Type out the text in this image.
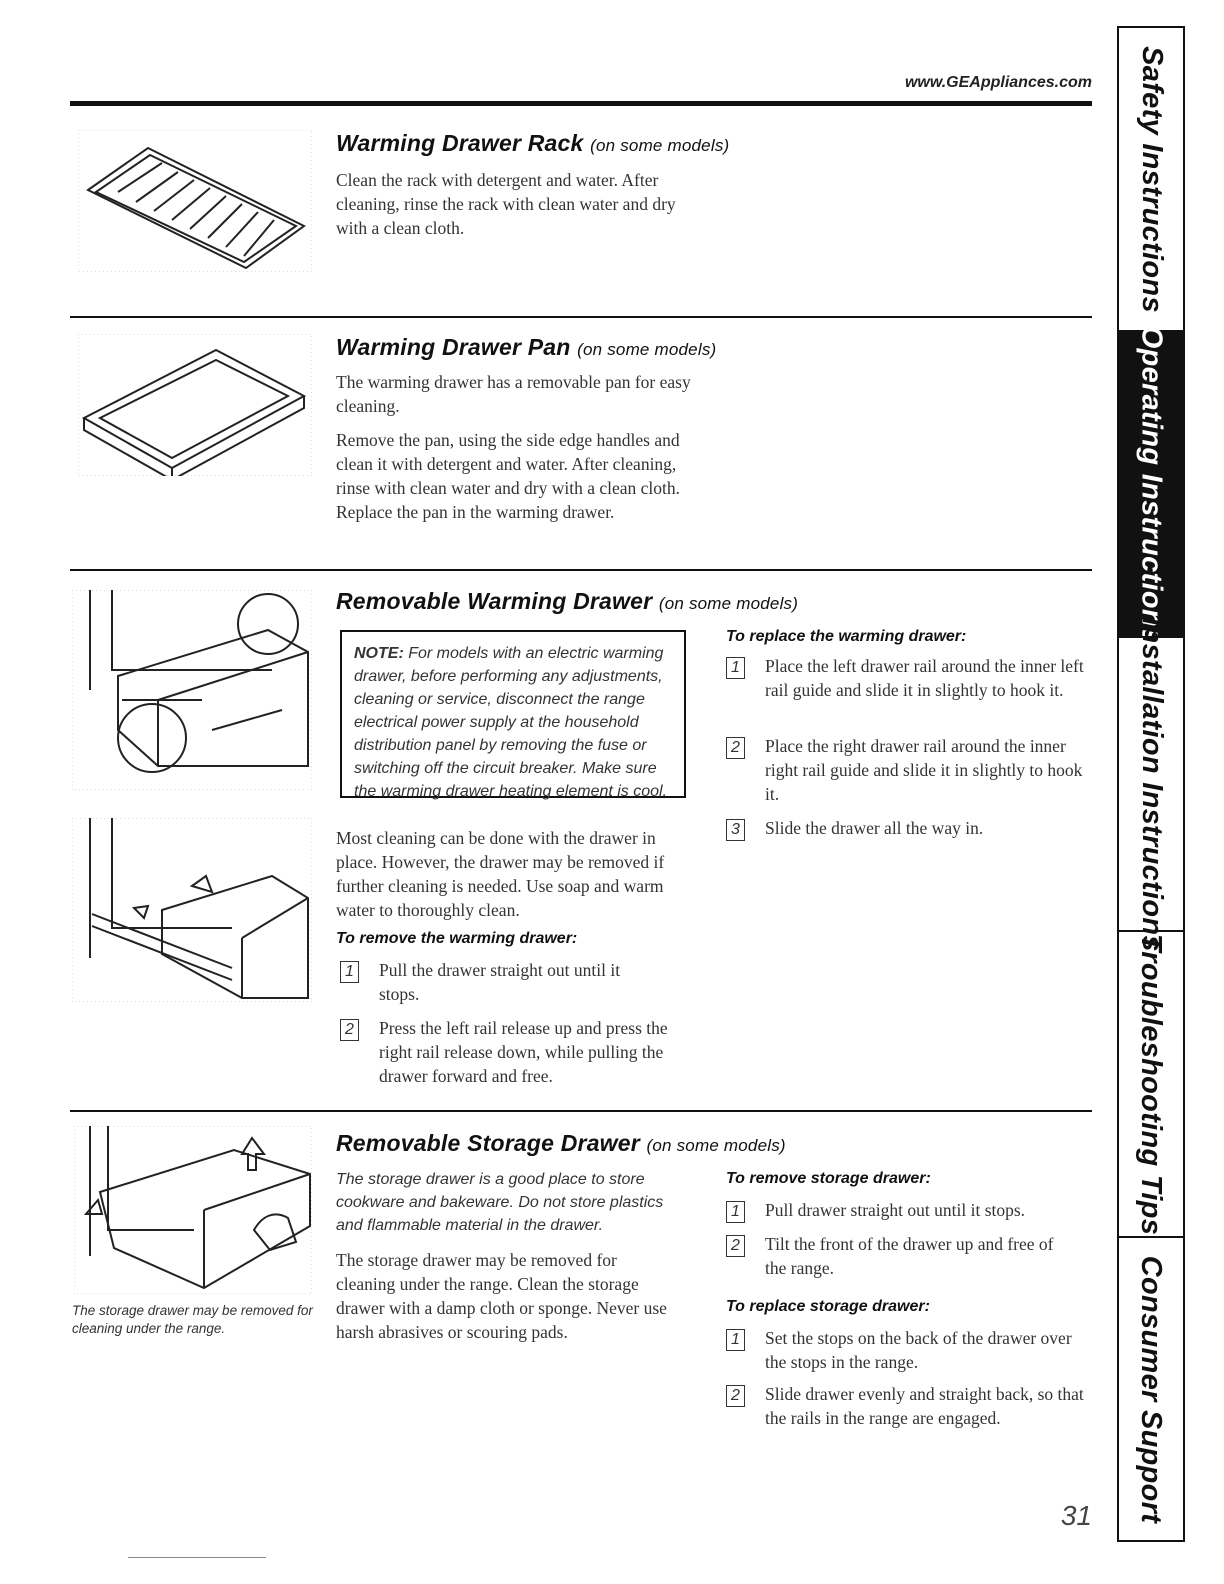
www.GEAppliances.com
Warming Drawer Rack (on some models)

Clean the rack with detergent and water. After cleaning, rinse the rack with clean water and dry with a clean cloth.

Warming Drawer Pan (on some models)

The warming drawer has a removable pan for easy cleaning.

Remove the pan, using the side edge handles and clean it with detergent and water. After cleaning, rinse with clean water and dry with a clean cloth. Replace the pan in the warming drawer.

Removable Warming Drawer (on some models)
NOTE: For models with an electric warming drawer, before performing any adjustments, cleaning or service, disconnect the range electrical power supply at the household distribution panel by removing the fuse or switching off the circuit breaker. Make sure the warming drawer heating element is cool.

Most cleaning can be done with the drawer in place. However, the drawer may be removed if further cleaning is needed. Use soap and warm water to thoroughly clean.

To remove the warming drawer:
1 Pull the drawer straight out until it stops.
2 Press the left rail release up and press the right rail release down, while pulling the drawer forward and free.
To replace the warming drawer:
1 Place the left drawer rail around the inner left rail guide and slide it in slightly to hook it.
2 Place the right drawer rail around the inner right rail guide and slide it in slightly to hook it.
3 Slide the drawer all the way in.
The storage drawer may be removed for cleaning under the range.
Removable Storage Drawer (on some models)
The storage drawer is a good place to store cookware and bakeware. Do not store plastics and flammable material in the drawer.

The storage drawer may be removed for cleaning under the range. Clean the storage drawer with a damp cloth or sponge. Never use harsh abrasives or scouring pads.

To remove storage drawer:
1 Pull drawer straight out until it stops.
2 Tilt the front of the drawer up and free of the range.
To replace storage drawer:
1 Set the stops on the back of the drawer over the stops in the range.
2 Slide drawer evenly and straight back, so that the rails in the range are engaged.
31
Safety Instructions
Operating Instructions
Installation Instructions
Troubleshooting Tips
Consumer Support
